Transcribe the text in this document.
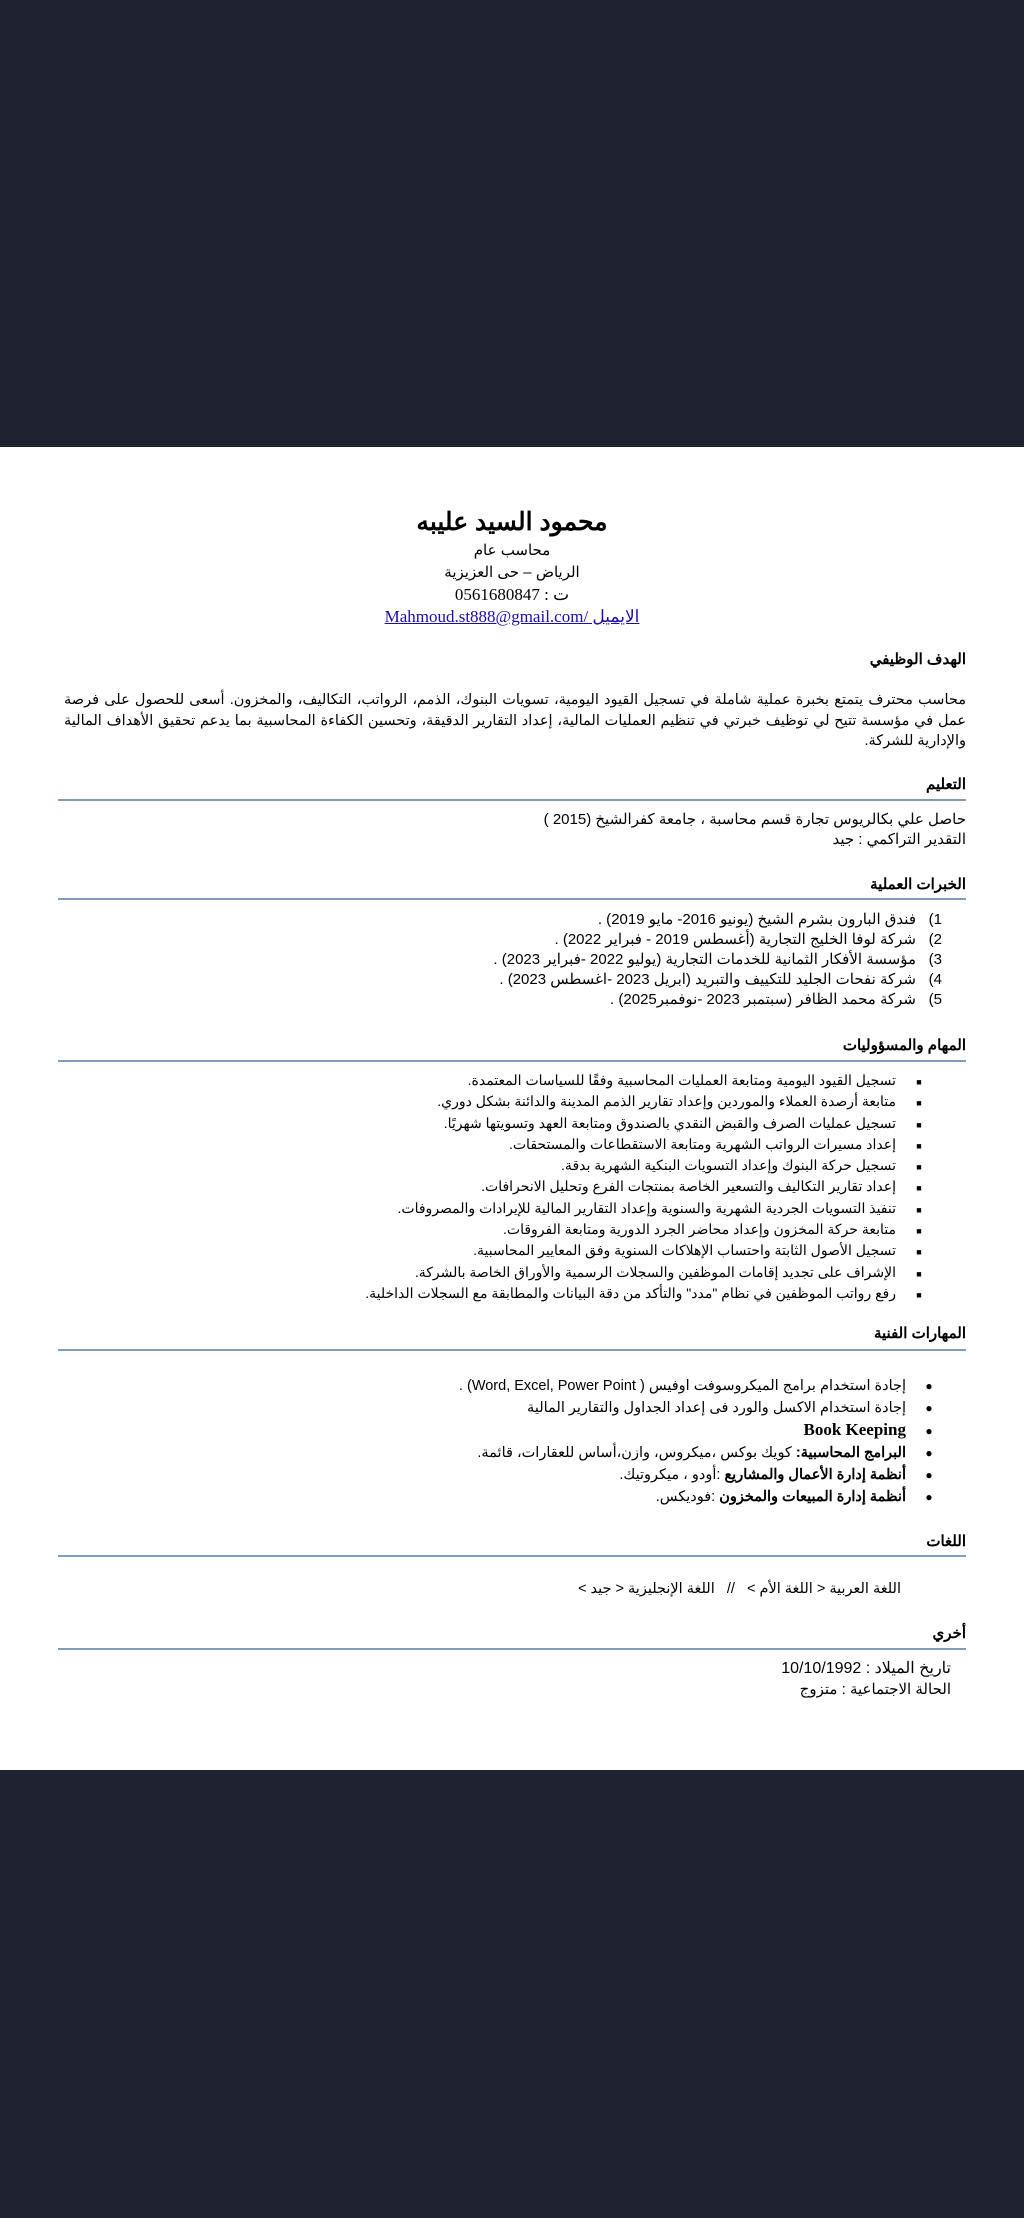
محمود السيد عليبه
محاسب عام
الرياض – حى العزيزية
ت : 0561680847
الايميل /Mahmoud.st888@gmail.com
الهدف الوظيفي
محاسب محترف يتمتع بخبرة عملية شاملة في تسجيل القيود اليومية، تسويات البنوك، الذمم، الرواتب، التكاليف، والمخزون. أسعى للحصول على فرصة عمل في مؤسسة تتيح لي توظيف خبرتي في تنظيم العمليات المالية، إعداد التقارير الدقيقة، وتحسين الكفاءة المحاسبية بما يدعم تحقيق الأهداف المالية والإدارية للشركة.
التعليم
حاصل علي بكالريوس تجارة قسم محاسبة ، جامعة كفرالشيخ (2015 )
التقدير التراكمي : جيد
الخبرات العملية
1)
فندق البارون بشرم الشيخ (يونيو 2016- مايو 2019) .
2)
شركة لوفا الخليج التجارية (أغسطس 2019 - فبراير 2022) .
3)
مؤسسة الأفكار الثمانية للخدمات التجارية (يوليو 2022 -فبراير 2023) .
4)
شركة نفحات الجليد للتكييف والتبريد (ابريل 2023 -اغسطس 2023) .
5)
شركة محمد الظافر (سبتمبر 2023 -نوفمبر2025) .
المهام والمسؤوليات
■
تسجيل القيود اليومية ومتابعة العمليات المحاسبية وفقًا للسياسات المعتمدة.
■
متابعة أرصدة العملاء والموردين وإعداد تقارير الذمم المدينة والدائنة بشكل دوري.
■
تسجيل عمليات الصرف والقبض النقدي بالصندوق ومتابعة العهد وتسويتها شهريًا.
■
إعداد مسيرات الرواتب الشهرية ومتابعة الاستقطاعات والمستحقات.
■
تسجيل حركة البنوك وإعداد التسويات البنكية الشهرية بدقة.
■
إعداد تقارير التكاليف والتسعير الخاصة بمنتجات الفرع وتحليل الانحرافات.
■
تنفيذ التسويات الجردية الشهرية والسنوية وإعداد التقارير المالية للإيرادات والمصروفات.
■
متابعة حركة المخزون وإعداد محاضر الجرد الدورية ومتابعة الفروقات.
■
تسجيل الأصول الثابتة واحتساب الإهلاكات السنوية وفق المعايير المحاسبية.
■
الإشراف على تجديد إقامات الموظفين والسجلات الرسمية والأوراق الخاصة بالشركة.
■
رفع رواتب الموظفين في نظام "مدد" والتأكد من دقة البيانات والمطابقة مع السجلات الداخلية.
المهارات الفنية
●
إجادة استخدام برامج الميكروسوفت اوفيس ( Word, Excel, Power Point) .
●
إجادة استخدام الاكسل والورد فى إعداد الجداول والتقارير المالية
●
Book Keeping
●
البرامج المحاسبية: كويك بوكس ،ميكروس، وازن،أساس للعقارات، قائمة.
●
أنظمة إدارة الأعمال والمشاريع :أودو ، ميكروتيك.
●
أنظمة إدارة المبيعات والمخزون :فوديكس.
اللغات
اللغة العربية < اللغة الأم >   //   اللغة الإنجليزية < جيد >
أخري
تاريخ الميلاد : 10/10/1992
الحالة الاجتماعية : متزوج
